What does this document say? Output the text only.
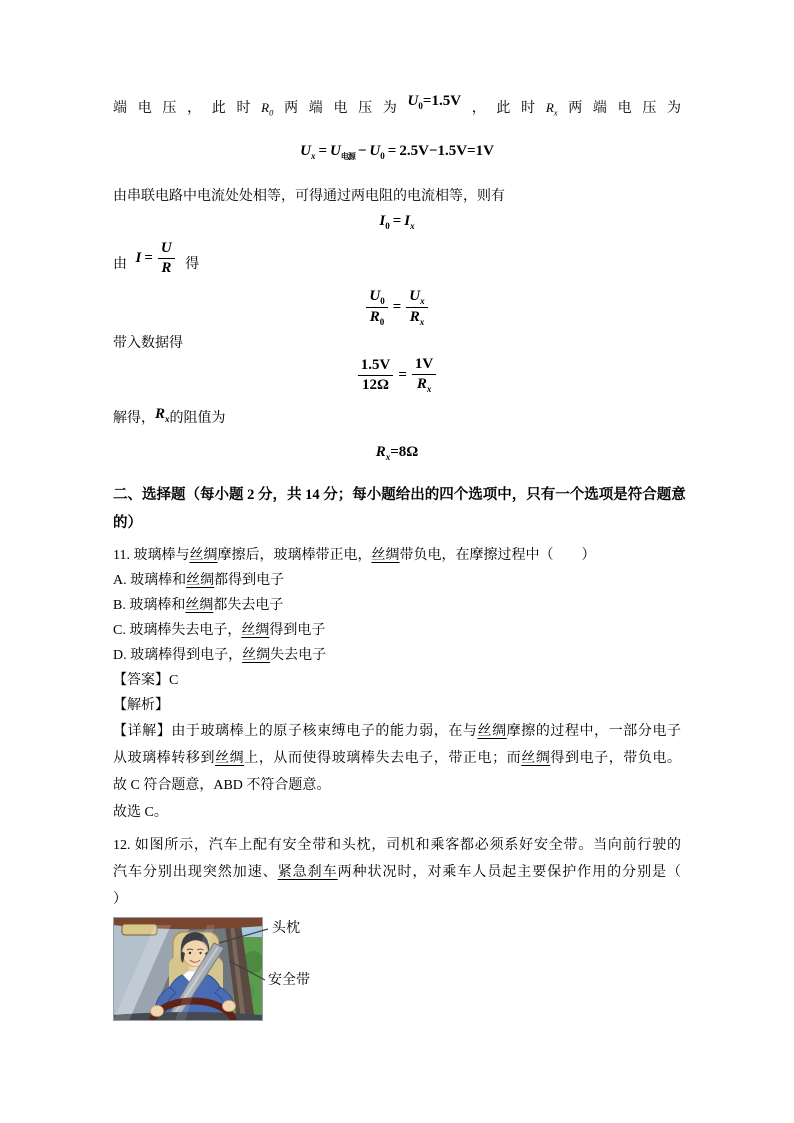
端电压，此时$R_0$两端电压为$U_0=1.5V$，此时$R_x$两端电压为
$U_x = U_{电源} - U_0 = 2.5V-1.5V=1V$
由串联电路中电流处处相等，可得通过两电阻的电流相等，则有
$I_0 = I_x$
由 $I = \frac{U}{R}$ 得
$\frac{U_0}{R_0} = \frac{U_x}{R_x}$
带入数据得
$\frac{1.5V}{12\Omega} = \frac{1V}{R_x}$
解得，$R_x$的阻值为
$R_x=8\Omega$
二、选择题（每小题 2 分，共 14 分；每小题给出的四个选项中，只有一个选项是符合题意
的）
11. 玻璃棒与丝绸摩擦后，玻璃棒带正电，丝绸带负电，在摩擦过程中（　　）
A. 玻璃棒和丝绸都得到电子
B. 玻璃棒和丝绸都失去电子
C. 玻璃棒失去电子，丝绸得到电子
D. 玻璃棒得到电子，丝绸失去电子
【答案】C
【解析】
【详解】由于玻璃棒上的原子核束缚电子的能力弱，在与丝绸摩擦的过程中，一部分电子
从玻璃棒转移到丝绸上，从而使得玻璃棒失去电子，带正电；而丝绸得到电子，带负电。
故 C 符合题意，ABD 不符合题意。
故选 C。
12. 如图所示，汽车上配有安全带和头枕，司机和乘客都必须系好安全带。当向前行驶的
汽车分别出现突然加速、紧急刹车两种状况时，对乘车人员起主要保护作用的分别是（
）
头枕
安全带
